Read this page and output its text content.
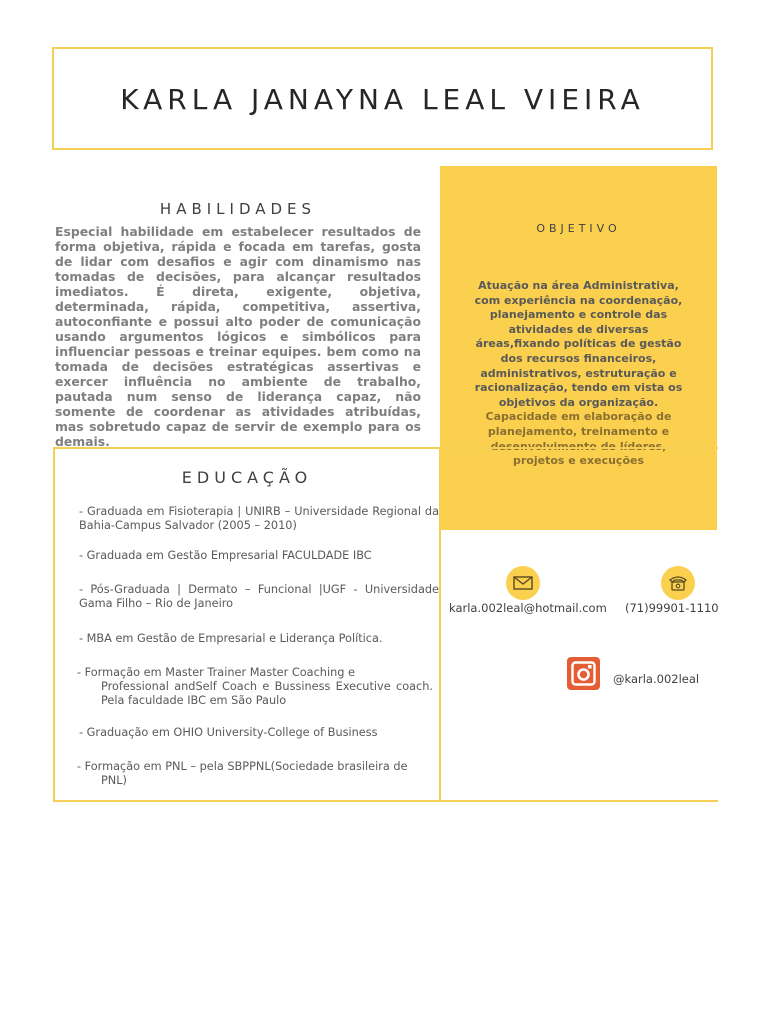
KARLA JANAYNA LEAL VIEIRA
HABILIDADES
Especial habilidade em estabelecer resultados de forma objetiva, rápida e focada em tarefas, gosta de lidar com desafios e agir com dinamismo nas tomadas de decisões, para alcançar resultados imediatos. É direta, exigente, objetiva, determinada, rápida, competitiva, assertiva, autoconfiante e possui alto poder de comunicação usando argumentos lógicos e simbólicos para influenciar pessoas e treinar equipes. bem como na tomada de decisões estratégicas assertivas e exercer influência no ambiente de trabalho, pautada num senso de liderança capaz, não somente de coordenar as atividades atribuídas, mas sobretudo capaz de servir de exemplo para os demais.
OBJETIVO
Atuação na área Administrativa, com experiência na coordenação, planejamento e controle das atividades de diversas áreas,fixando políticas de gestão dos recursos financeiros, administrativos, estruturação e racionalização, tendo em vista os objetivos da organização. Capacidade em elaboração de planejamento, treinamento e desenvolvimento de líderes, projetos e execuções
EDUCAÇÃO
- Graduada em Fisioterapia | UNIRB – Universidade Regional da Bahia-Campus Salvador (2005 – 2010)
- Graduada em Gestão Empresarial FACULDADE IBC
- Pós-Graduada | Dermato – Funcional |UGF - Universidade Gama Filho – Rio de Janeiro
- MBA em Gestão de Empresarial e Liderança Política.
- Formação em Master Trainer Master Coaching e
Professional andSelf Coach e Bussiness Executive coach. Pela faculdade IBC em São Paulo
- Graduação em OHIO University-College of Business
- Formação em PNL – pela SBPPNL(Sociedade brasileira de
PNL)
karla.002leal@hotmail.com (71)99901-1110
@karla.002leal
